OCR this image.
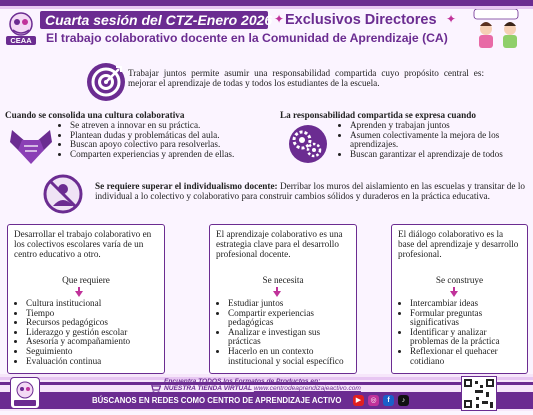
CEAA
Cuarta sesión del CTZ-Enero 2026 ✦ Exclusivos Directores ✦
El trabajo colaborativo docente en la Comunidad de Aprendizaje (CA)
Trabajar juntos permite asumir una responsabilidad compartida cuyo propósito central es: mejorar el aprendizaje de todas y todos los estudiantes de la escuela.
Cuando se consolida una cultura colaborativa
• Se atreven a innovar en su práctica.
• Plantean dudas y problemáticas del aula.
• Buscan apoyo colectivo para resolverlas.
• Comparten experiencias y aprenden de ellas.
La responsabilidad compartida se expresa cuando
• Aprenden y trabajan juntos
• Asumen colectivamente la mejora de los aprendizajes.
• Buscan garantizar el aprendizaje de todos
Se requiere superar el individualismo docente: Derribar los muros del aislamiento en las escuelas y transitar de lo individual a lo colectivo y colaborativo para construir cambios sólidos y duraderos en la práctica educativa.
Desarrollar el trabajo colaborativo en los colectivos escolares varía de un centro educativo a otro.
Que requiere
• Cultura institucional
• Tiempo
• Recursos pedagógicos
• Liderazgo y gestión escolar
• Asesoría y acompañamiento
• Seguimiento
• Evaluación continua
El aprendizaje colaborativo es una estrategia clave para el desarrollo profesional docente.
Se necesita
• Estudiar juntos
• Compartir experiencias pedagógicas
• Analizar e investigan sus prácticas
• Hacerlo en un contexto institucional y social específico
El diálogo colaborativo es la base del aprendizaje y desarrollo profesional.
Se construye
• Intercambiar ideas
• Formular preguntas significativas
• Identificar y analizar problemas de la práctica
• Reflexionar el quehacer cotidiano
Encuentra TODOS los Formatos de Productos en:
NUESTRA TIENDA VIRTUAL www.centrodeaprendizajeactivo.com
BÚSCANOS EN REDES COMO CENTRO DE APRENDIZAJE ACTIVO	▶	◎	f	♪
